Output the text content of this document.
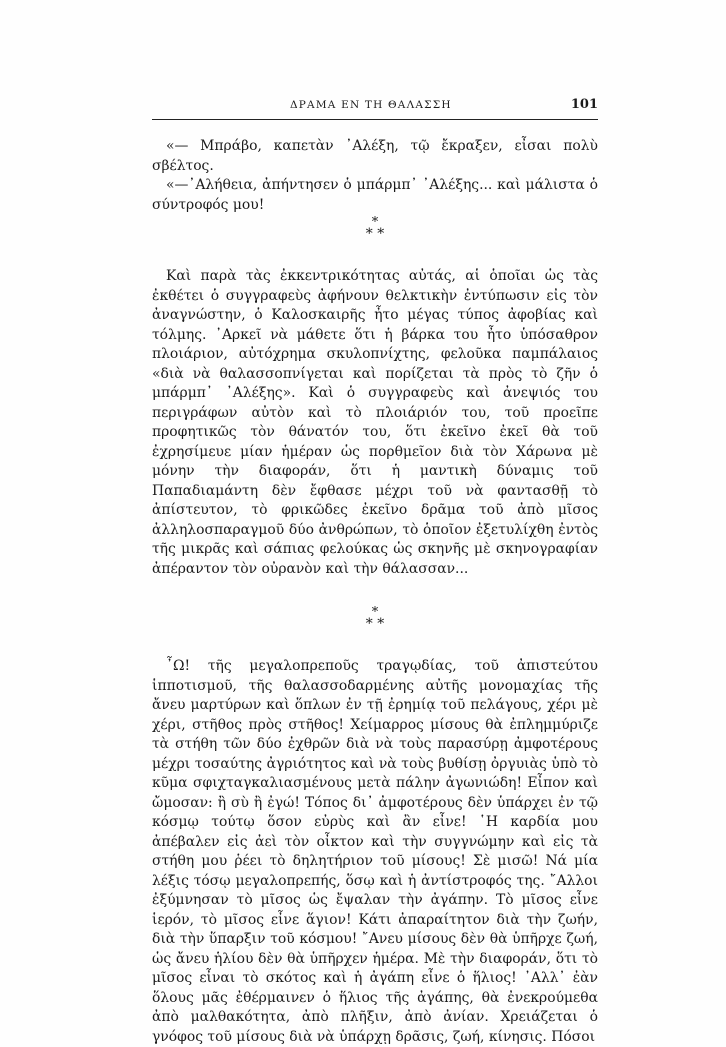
ΔΡΑΜΑ ΕΝ ΤΗ ΘΑΛΑΣΣΗ	101

«— Μπράβο, καπετὰν ᾽Αλέξη, τῷ ἔκραξεν, εἶσαι πολὺ σβέλτος.

«—᾽Αλήθεια, ἀπήντησεν ὁ μπάρμπ᾽ ᾽Αλέξης... καὶ μάλιστα ὁ σύντροφός μου!

*
* *

Καὶ παρὰ τὰς ἐκκεντρικότητας αὐτάς, αἱ ὁποῖαι ὡς τὰς ἐκθέτει ὁ συγγραφεὺς ἀφήνουν θελκτικὴν ἐντύπωσιν εἰς τὸν ἀναγνώστην, ὁ Καλοσκαιρῆς ἦτο μέγας τύπος ἀφοβίας καὶ τόλμης. ᾽Αρκεῖ νὰ μάθετε ὅτι ἡ βάρκα του ἦτο ὑπόσαθρον πλοιάριον, αὐτόχρημα σκυλοπνίχτης, φελοῦκα παμπάλαιος «διὰ νὰ θαλασσοπνίγεται καὶ πορίζεται τὰ πρὸς τὸ ζῆν ὁ μπάρμπ᾽ ᾽Αλέξης». Καὶ ὁ συγγραφεὺς καὶ ἀνεψιός του περιγράφων αὐτὸν καὶ τὸ πλοιάριόν του, τοῦ προεῖπε προφητικῶς τὸν θάνατόν του, ὅτι ἐκεῖνο ἐκεῖ θὰ τοῦ ἐχρησίμευε μίαν ἡμέραν ὡς πορθμεῖον διὰ τὸν Χάρωνα μὲ μόνην τὴν διαφοράν, ὅτι ἡ μαντικὴ δύναμις τοῦ Παπαδιαμάντη δὲν ἔφθασε μέχρι τοῦ νὰ φαντασθῇ τὸ ἀπίστευτον, τὸ φρικῶδες ἐκεῖνο δρᾶμα τοῦ ἀπὸ μῖσος ἀλληλοσπαραγμοῦ δύο ἀνθρώπων, τὸ ὁποῖον ἐξετυλίχθη ἐντὸς τῆς μικρᾶς καὶ σάπιας φελούκας ὡς σκηνῆς μὲ σκηνογραφίαν ἀπέραντον τὸν οὐρανὸν καὶ τὴν θάλασσαν...

*
* *

῏Ω! τῆς μεγαλοπρεποῦς τραγῳδίας, τοῦ ἀπιστεύτου ἱπποτισμοῦ, τῆς θαλασσοδαρμένης αὐτῆς μονομαχίας τῆς ἄνευ μαρτύρων καὶ ὅπλων ἐν τῇ ἐρημίᾳ τοῦ πελάγους, χέρι μὲ χέρι, στῆθος πρὸς στῆθος! Χείμαρρος μίσους θὰ ἐπλημμύριζε τὰ στήθη τῶν δύο ἐχθρῶν διὰ νὰ τοὺς παρασύρῃ ἀμφοτέρους μέχρι τοσαύτης ἀγριότητος καὶ νὰ τοὺς βυθίσῃ ὀργυιὰς ὑπὸ τὸ κῦμα σφιχταγκαλιασμένους μετὰ πάλην ἀγωνιώδη! Εἶπον καὶ ὤμοσαν: ἢ σὺ ἢ ἐγώ! Τόπος δι᾽ ἀμφοτέρους δὲν ὑπάρχει ἐν τῷ κόσμῳ τούτῳ ὅσον εὐρὺς καὶ ἂν εἶνε! ῾Η καρδία μου ἀπέβαλεν εἰς ἀεὶ τὸν οἶκτον καὶ τὴν συγγνώμην καὶ εἰς τὰ στήθη μου ῥέει τὸ δηλητήριον τοῦ μίσους! Σὲ μισῶ! Νά μία λέξις τόσῳ μεγαλοπρεπής, ὅσῳ καὶ ἡ ἀντίστροφός της. ῎Αλλοι ἐξύμνησαν τὸ μῖσος ὡς ἔψαλαν τὴν ἀγάπην. Τὸ μῖσος εἶνε ἱερόν, τὸ μῖσος εἶνε ἅγιον! Κάτι ἀπαραίτητον διὰ τὴν ζωήν, διὰ τὴν ὕπαρξιν τοῦ κόσμου! ῎Ανευ μίσους δὲν θὰ ὑπῆρχε ζωή, ὡς ἄνευ ἡλίου δὲν θὰ ὑπῆρχεν ἡμέρα. Μὲ τὴν διαφοράν, ὅτι τὸ μῖσος εἶναι τὸ σκότος καὶ ἡ ἀγάπη εἶνε ὁ ἥλιος! ᾽Αλλ᾽ ἐὰν ὅλους μᾶς ἐθέρμαινεν ὁ ἥλιος τῆς ἀγάπης, θὰ ἐνεκρούμεθα ἀπὸ μαλθακότητα, ἀπὸ πλῆξιν, ἀπὸ ἀνίαν. Χρειάζεται ὁ γνόφος τοῦ μίσους διὰ νὰ ὑπάρχῃ δρᾶσις, ζωή, κίνησις. Πόσοι
